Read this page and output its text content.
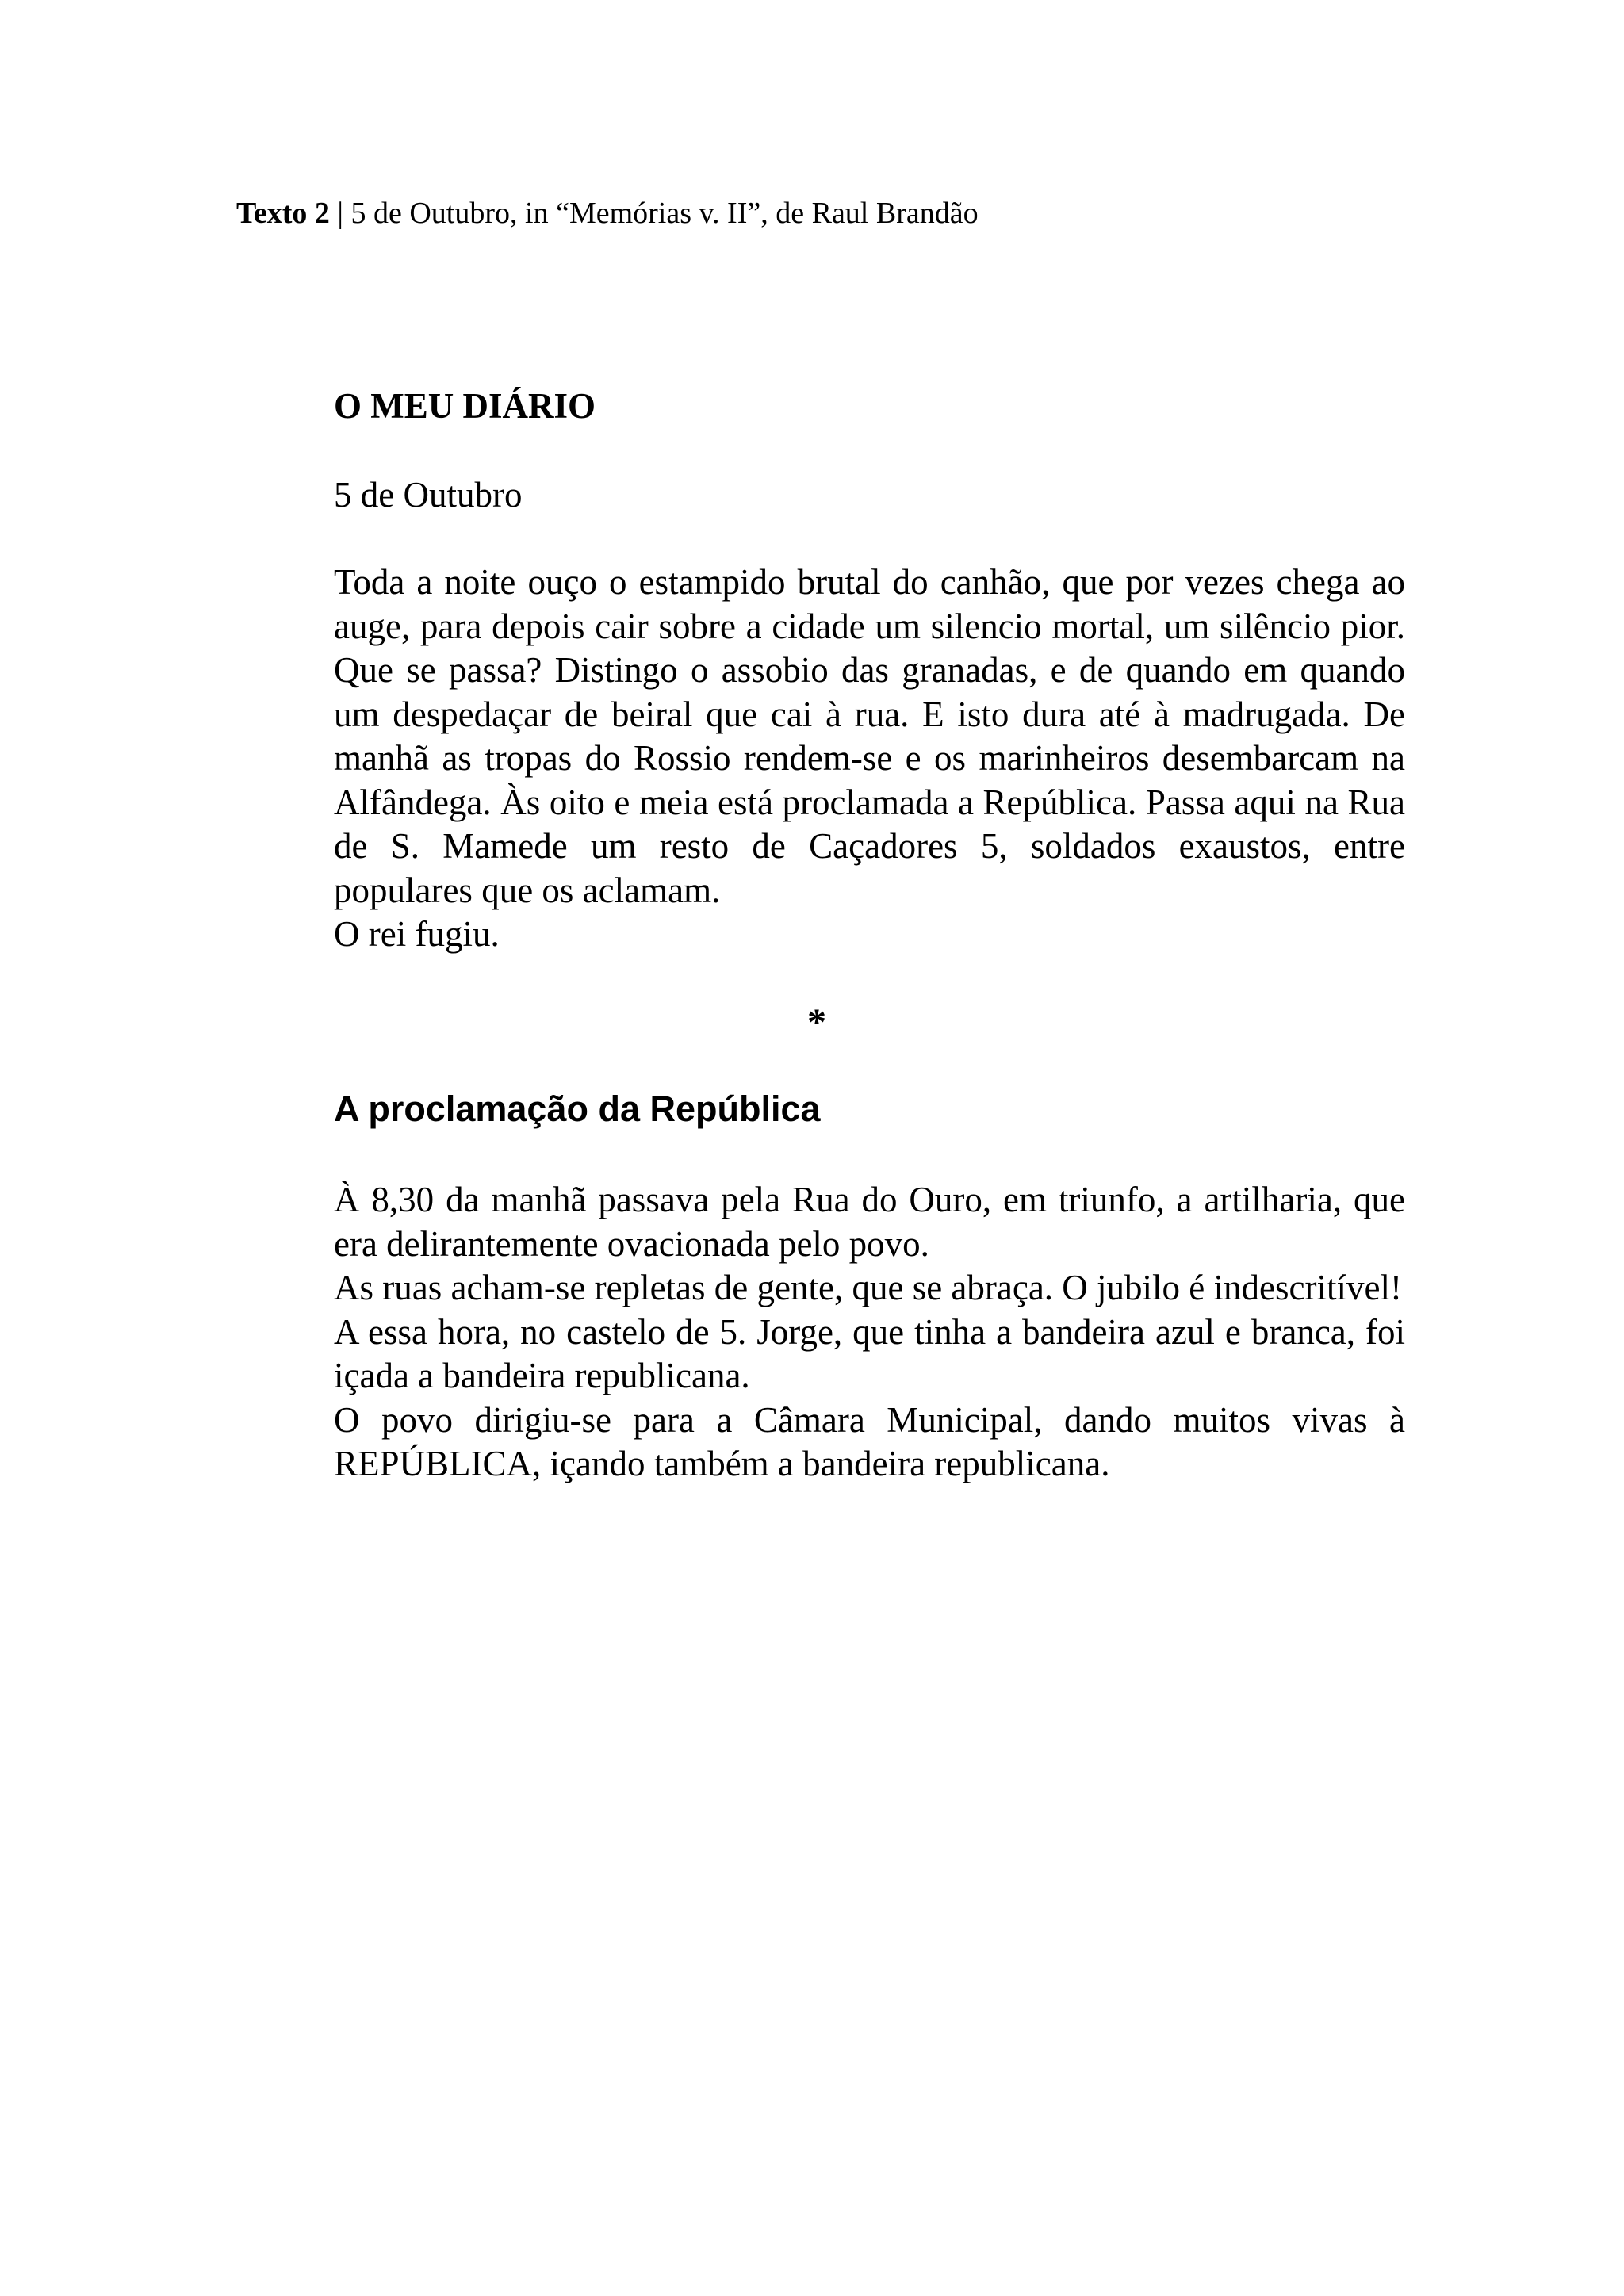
Texto 2 | 5 de Outubro, in “Memórias v. II”, de Raul Brandão
O MEU DIÁRIO
5 de Outubro

Toda a noite ouço o estampido brutal do canhão, que por vezes chega ao auge, para depois cair sobre a cidade um silencio mortal, um silêncio pior. Que se passa? Distingo o assobio das granadas, e de quando em quando um despedaçar de beiral que cai à rua. E isto dura até à madrugada. De manhã as tropas do Rossio rendem-se e os marinheiros desembarcam na Alfândega. Às oito e meia está proclamada a República. Passa aqui na Rua de S. Mamede um resto de Caçadores 5, soldados exaustos, entre populares que os aclamam.

O rei fugiu.

*
A proclamação da República

À 8,30 da manhã passava pela Rua do Ouro, em triunfo, a artilharia, que era delirantemente ovacionada pelo povo.

As ruas acham-se repletas de gente, que se abraça. O jubilo é indescritível!

A essa hora, no castelo de 5. Jorge, que tinha a bandeira azul e branca, foi içada a bandeira republicana.

O povo dirigiu-se para a Câmara Municipal, dando muitos vivas à REPÚBLICA, içando também a bandeira republicana.
